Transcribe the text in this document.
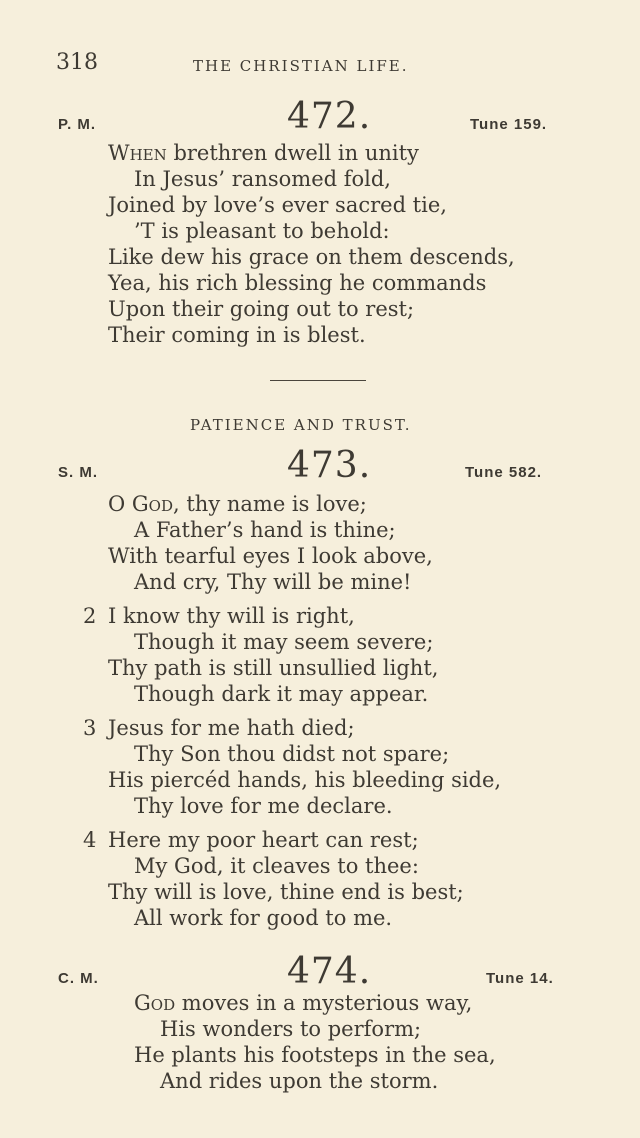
318	THE CHRISTIAN LIFE.
P. M.	472.	Tune 159.
When brethren dwell in unity
In Jesus’ ransomed fold,
Joined by love’s ever sacred tie,
’T is pleasant to behold:
Like dew his grace on them descends,
Yea, his rich blessing he commands
Upon their going out to rest;
Their coming in is blest.
PATIENCE AND TRUST.
S. M.	473.	Tune 582.
O God, thy name is love;
A Father’s hand is thine;
With tearful eyes I look above,
And cry, Thy will be mine!
2 I know thy will is right,
Though it may seem severe;
Thy path is still unsullied light,
Though dark it may appear.
3 Jesus for me hath died;
Thy Son thou didst not spare;
His piercéd hands, his bleeding side,
Thy love for me declare.
4 Here my poor heart can rest;
My God, it cleaves to thee:
Thy will is love, thine end is best;
All work for good to me.
C. M.	474.	Tune 14.
God moves in a mysterious way,
His wonders to perform;
He plants his footsteps in the sea,
And rides upon the storm.
